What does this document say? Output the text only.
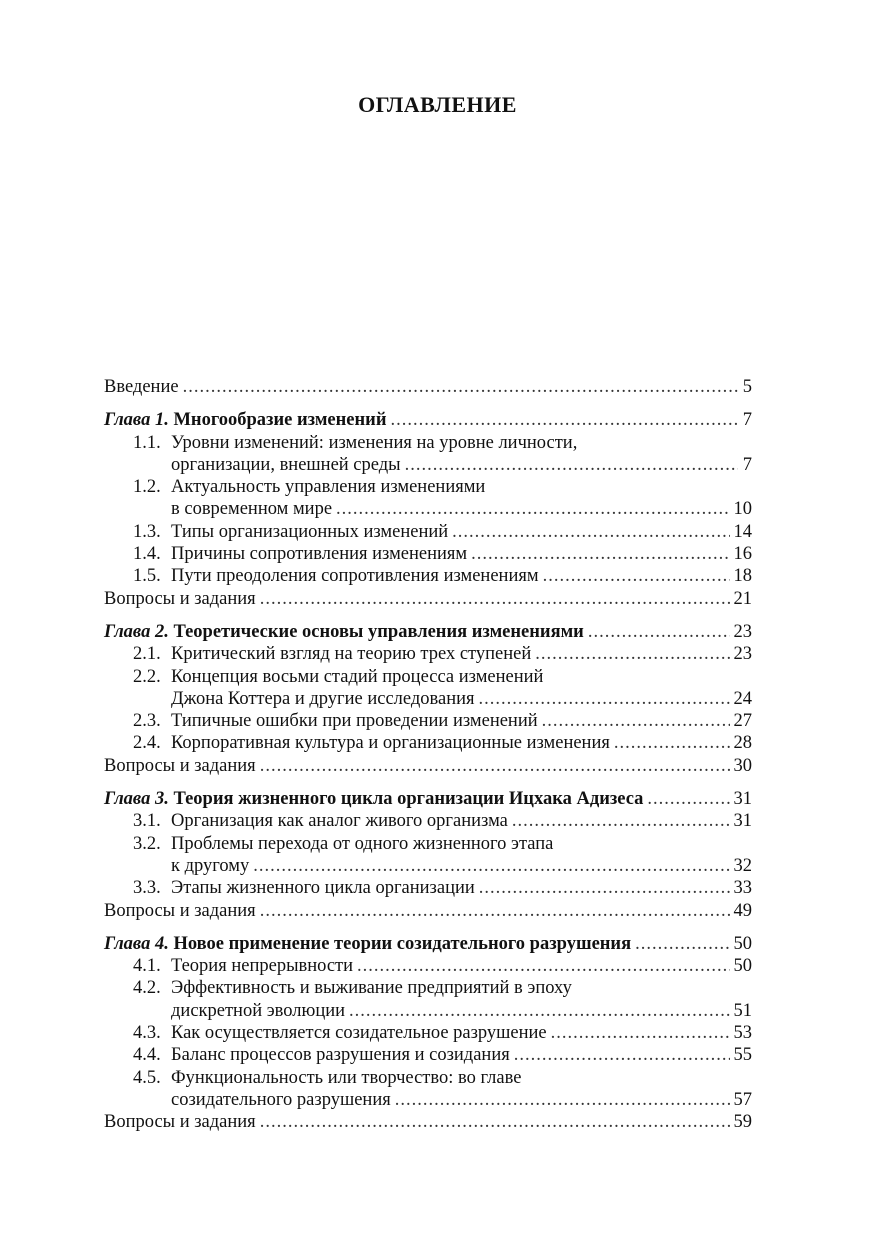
ОГЛАВЛЕНИЕ
Введение .....	5
Глава 1. Многообразие изменений .....	7
1.1. Уровни изменений: изменения на уровне личности,
организации, внешней среды .....	7
1.2. Актуальность управления изменениями
в современном мире .....	10
1.3. Типы организационных изменений .....	14
1.4. Причины сопротивления изменениям .....	16
1.5. Пути преодоления сопротивления изменениям .....	18
Вопросы и задания .....	21
Глава 2. Теоретические основы управления изменениями .....	23
2.1. Критический взгляд на теорию трех ступеней .....	23
2.2. Концепция восьми стадий процесса изменений
Джона Коттера и другие исследования .....	24
2.3. Типичные ошибки при проведении изменений .....	27
2.4. Корпоративная культура и организационные изменения .....	28
Вопросы и задания .....	30
Глава 3. Теория жизненного цикла организации Ицхака Адизеса .....	31
3.1. Организация как аналог живого организма .....	31
3.2. Проблемы перехода от одного жизненного этапа
к другому .....	32
3.3. Этапы жизненного цикла организации .....	33
Вопросы и задания .....	49
Глава 4. Новое применение теории созидательного разрушения .....	50
4.1. Теория непрерывности .....	50
4.2. Эффективность и выживание предприятий в эпоху
дискретной эволюции .....	51
4.3. Как осуществляется созидательное разрушение .....	53
4.4. Баланс процессов разрушения и созидания .....	55
4.5. Функциональность или творчество: во главе
созидательного разрушения .....	57
Вопросы и задания .....	59
